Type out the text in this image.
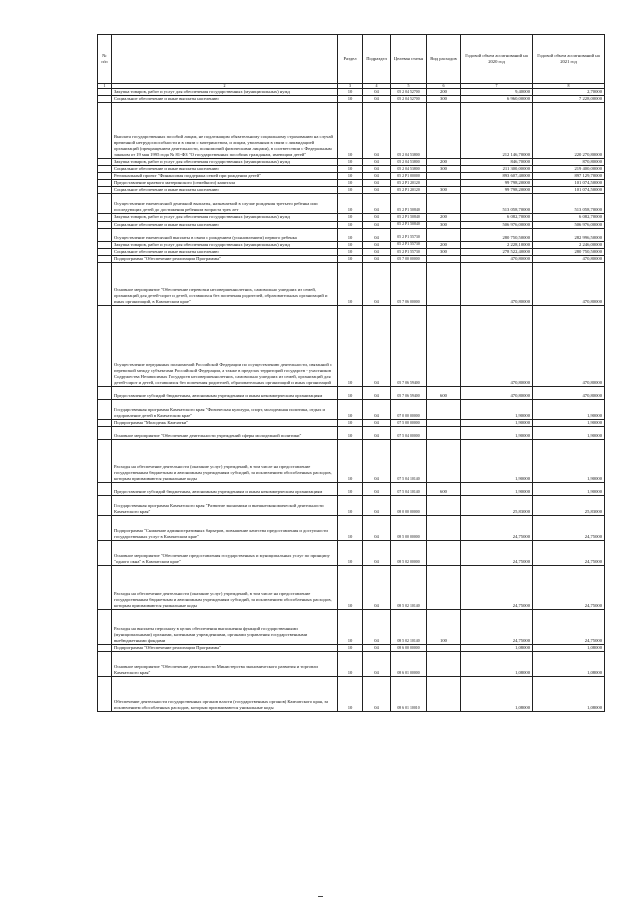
№ п/п		Раздел	Подраздел	Целевая статья	Вид расходов	Годовой объем ассигнований на 2020 год	Годовой объем ассигнований на 2021 год
1	2	3	4	5	6	7	8
	Закупка товаров, работ и услуг для обеспечения государственных (муниципальных) нужд	10	04	05 2 04 52700	200	9,40000	2,70000
	Социальное обеспечение и иные выплаты населению	10	04	05 2 04 52700	300	6 960,00000	7 228,00000
	Выплата государственных пособий лицам, не подлежащим обязательному социальному страхованию на случай временной нетрудоспособности и в связи с материнством, и лицам, уволенным в связи с ликвидацией организаций (прекращением деятельности, полномочий физическими лицами), в соответствии с Федеральным законом от 19 мая 1995 года № 81-ФЗ "О государственных пособиях гражданам, имеющим детей"	10	04	05 2 04 53800		212 146,70000	220 270,80000
	Закупка товаров, работ и услуг для обеспечения государственных (муниципальных) нужд	10	04	05 2 04 53800	200	846,70000	870,80000
	Социальное обеспечение и иные выплаты населению	10	04	05 2 04 53800	300	211 300,00000	219 400,00000
	Региональный проект "Финансовая поддержка семей при рождении детей"	10	04	05 2 P1 00000		893 607,40000	897 129,70000
	Предоставление краевого материнского (семейного) капитала	10	04	05 2 P1 20120		99 798,20000	101 074,50000
	Социальное обеспечение и иные выплаты населению	10	04	05 2 P1 20120	300	99 798,20000	101 074,50000
	Осуществление ежемесячной денежной выплаты, назначаемой в случае рождения третьего ребенка или последующих детей до достижения ребенком возраста трех лет	10	04	05 2 P1 50840		513 058,70000	513 058,70000
	Закупка товаров, работ и услуг для обеспечения государственных (муниципальных) нужд	10	04	05 2 P1 50840	200	6 082,70000	6 082,70000
	Социальное обеспечение и иные выплаты населению	10	04	05 2 P1 50840	300	506 976,00000	506 976,00000
	Осуществление ежемесячной выплаты в связи с рождением (усыновлением) первого ребенка	10	04	05 2 P1 55730		280 750,50000	282 996,50000
	Закупка товаров, работ и услуг для обеспечения государственных (муниципальных) нужд	10	04	05 2 P1 55730	200	2 228,10000	2 246,00000
	Социальное обеспечение и иные выплаты населению	10	04	05 2 P1 55730	300	278 522,40000	280 750,50000
	Подпрограмма "Обеспечение реализации Программы"	10	04	05 7 00 00000		470,80000	470,80000
	Основное мероприятие "Обеспечение перевозки несовершеннолетних, самовольно ушедших из семей, организаций для детей-сирот и детей, оставшихся без попечения родителей, образовательных организаций и иных организаций, в Камчатском крае"	10	04	05 7 06 00000		470,80000	470,80000
	Осуществление переданных полномочий Российской Федерации по осуществлению деятельности, связанной с перевозкой между субъектами Российской Федерации, а также в пределах территорий государств - участников Содружества Независимых Государств несовершеннолетних, самовольно ушедших из семей, организаций для детей-сирот и детей, оставшихся без попечения родителей, образовательных организаций и иных организаций	10	04	05 7 06 59400		470,80000	470,80000
	Предоставление субсидий бюджетным, автономным учреждениям и иным некоммерческим организациям	10	04	05 7 06 59400	600	470,80000	470,80000
	Государственная программа Камчатского края "Физическая культура, спорт, молодежная политика, отдых и оздоровление детей в Камчатском крае"	10	04	07 0 00 00000		1,90000	1,90000
	Подпрограмма "Молодежь Камчатки"	10	04	07 5 00 00000		1,90000	1,90000
	Основное мероприятие "Обеспечение деятельности учреждений сферы молодежной политики"	10	04	07 5 04 00000		1,90000	1,90000
	Расходы на обеспечение деятельности (оказание услуг) учреждений, в том числе на предоставление государственным бюджетным и автономным учреждениям субсидий, за исключением обособленных расходов, которым присваиваются уникальные коды	10	04	07 5 04 10140		1,90000	1,90000
	Предоставление субсидий бюджетным, автономным учреждениям и иным некоммерческим организациям	10	04	07 5 04 10140	600	1,90000	1,90000
	Государственная программа Камчатского края "Развитие экономики и внешнеэкономической деятельности Камчатского края"	10	04	08 0 00 00000		25,83000	25,83000
	Подпрограмма "Снижение административных барьеров, повышение качества предоставления и доступности государственных услуг в Камчатском крае"	10	04	08 5 00 00000		24,75000	24,75000
	Основное мероприятие "Обеспечение предоставления государственных и муниципальных услуг по принципу "одного окна" в Камчатском крае"	10	04	08 5 02 00000		24,75000	24,75000
	Расходы на обеспечение деятельности (оказание услуг) учреждений, в том числе на предоставление государственным бюджетным и автономным учреждениям субсидий, за исключением обособленных расходов, которым присваиваются уникальные коды	10	04	08 5 02 10140		24,75000	24,75000
	Расходы на выплаты персоналу в целях обеспечения выполнения функций государственными (муниципальными) органами, казенными учреждениями, органами управления государственными внебюджетными фондами	10	04	08 5 02 10140	100	24,75000	24,75000
	Подпрограмма "Обеспечение реализации Программы"	10	04	08 6 00 00000		1,08000	1,08000
	Основное мероприятие "Обеспечение деятельности Министерства экономического развития и торговли Камчатского края"	10	04	08 6 01 00000		1,08000	1,08000
	Обеспечение деятельности государственных органов власти (государственных органов) Камчатского края, за исключением обособленных расходов, которым присваиваются уникальные коды	10	04	08 6 01 10010		1,08000	1,08000
